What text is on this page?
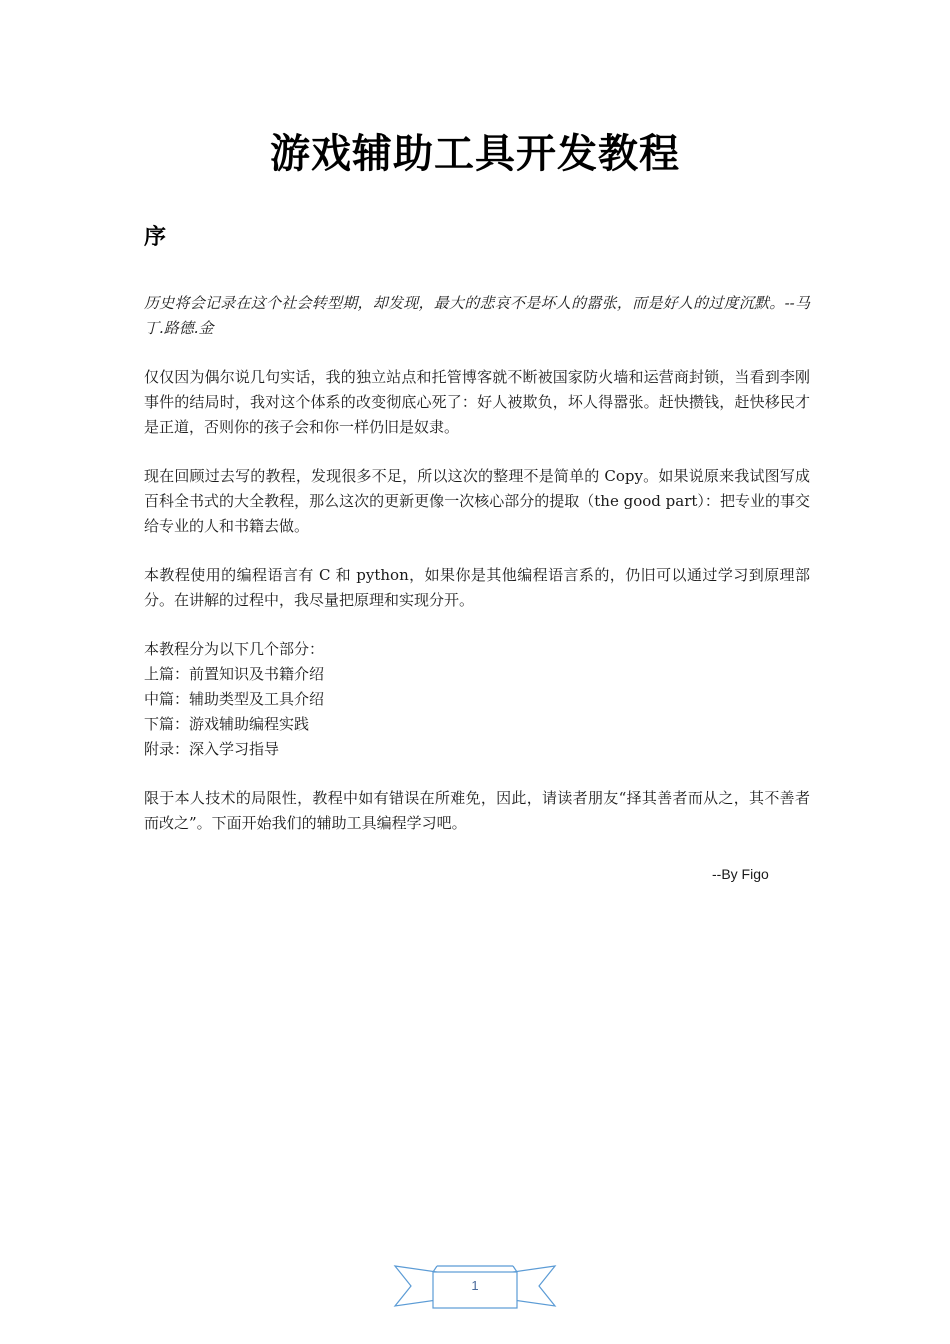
游戏辅助工具开发教程
序

历史将会记录在这个社会转型期，却发现，最大的悲哀不是坏人的嚣张，而是好人的过度沉默。--马丁.路德.金

仅仅因为偶尔说几句实话，我的独立站点和托管博客就不断被国家防火墙和运营商封锁，当看到李刚事件的结局时，我对这个体系的改变彻底心死了：好人被欺负，坏人得嚣张。赶快攒钱，赶快移民才是正道，否则你的孩子会和你一样仍旧是奴隶。

现在回顾过去写的教程，发现很多不足，所以这次的整理不是简单的 Copy。如果说原来我试图写成百科全书式的大全教程，那么这次的更新更像一次核心部分的提取（the good part）：把专业的事交给专业的人和书籍去做。

本教程使用的编程语言有 C 和 python，如果你是其他编程语言系的，仍旧可以通过学习到原理部分。在讲解的过程中，我尽量把原理和实现分开。

本教程分为以下几个部分：
上篇：前置知识及书籍介绍
中篇：辅助类型及工具介绍
下篇：游戏辅助编程实践
附录：深入学习指导

限于本人技术的局限性，教程中如有错误在所难免，因此，请读者朋友“择其善者而从之，其不善者而改之”。下面开始我们的辅助工具编程学习吧。

--By Figo
1
